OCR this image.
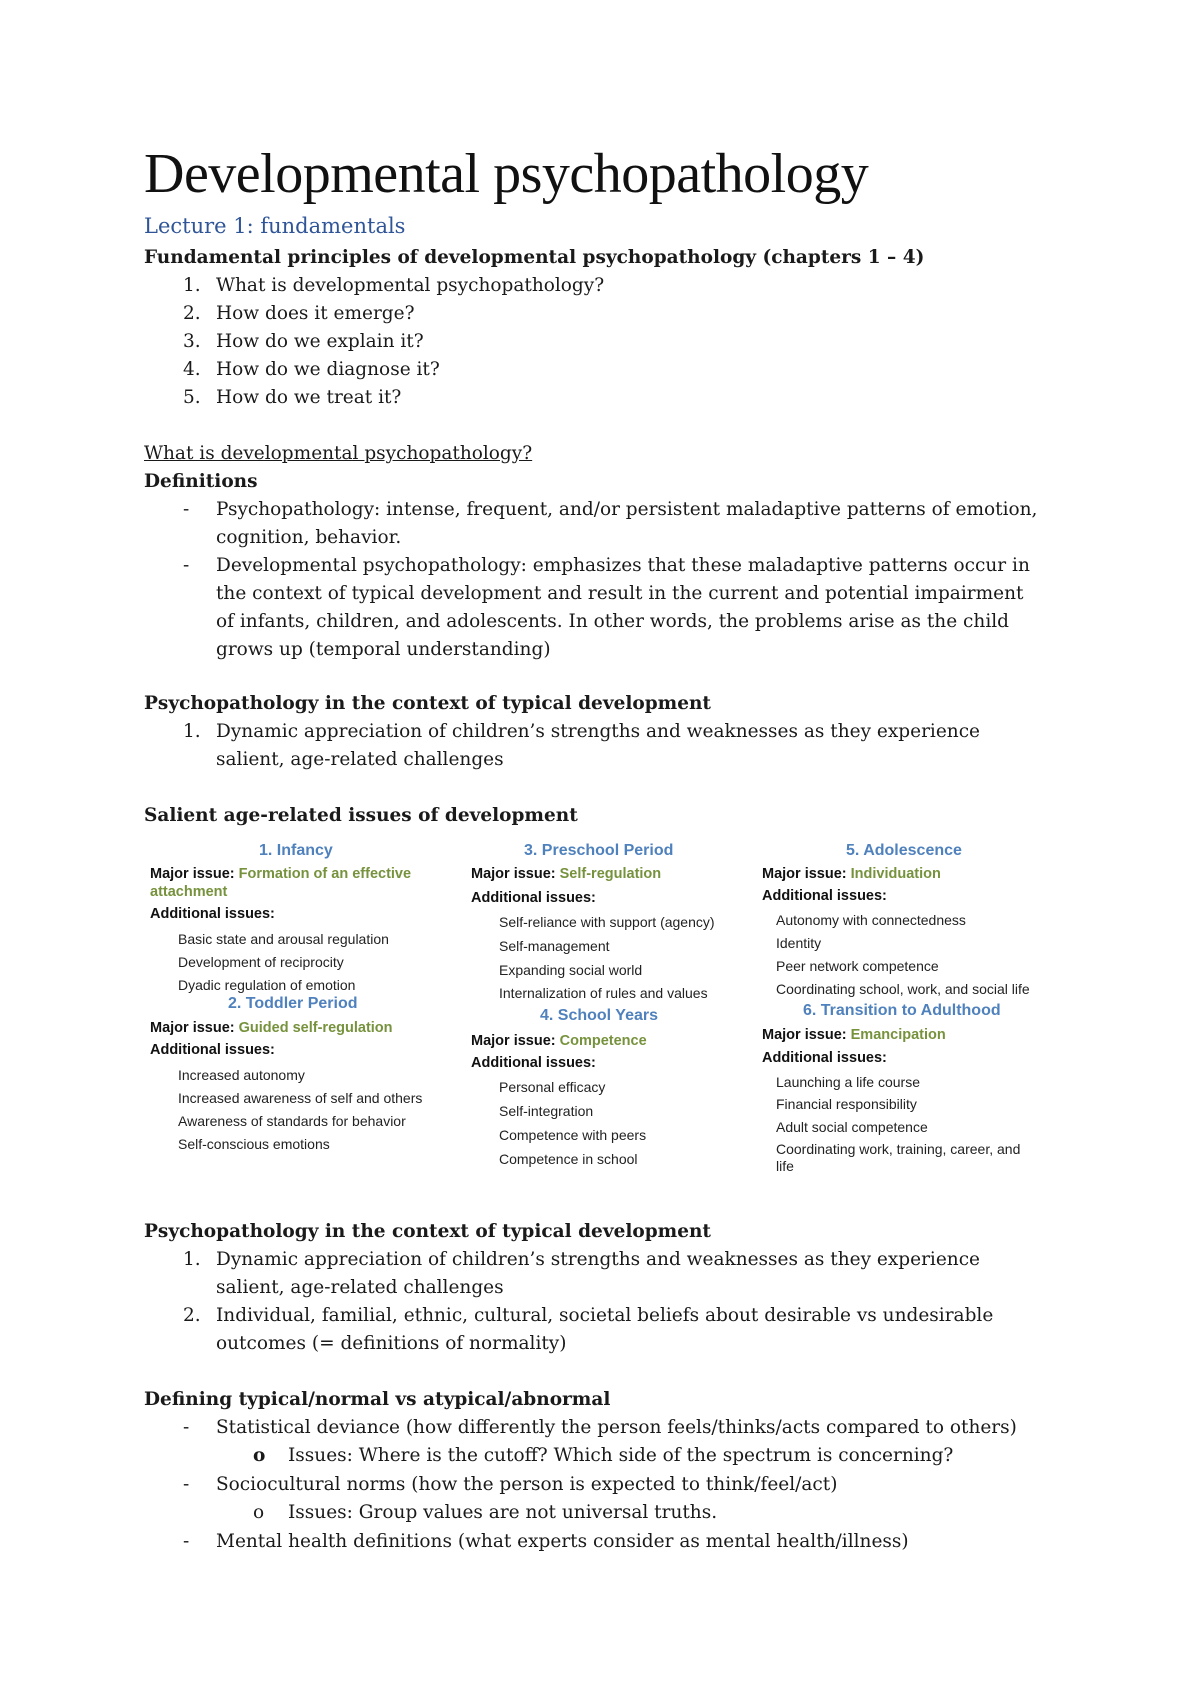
Developmental psychopathology
Lecture 1: fundamentals
Fundamental principles of developmental psychopathology (chapters 1 – 4)
1. What is developmental psychopathology?
2. How does it emerge?
3. How do we explain it?
4. How do we diagnose it?
5. How do we treat it?
What is developmental psychopathology?
Definitions
- Psychopathology: intense, frequent, and/or persistent maladaptive patterns of emotion,
cognition, behavior.
- Developmental psychopathology: emphasizes that these maladaptive patterns occur in
the context of typical development and result in the current and potential impairment
of infants, children, and adolescents. In other words, the problems arise as the child
grows up (temporal understanding)
Psychopathology in the context of typical development
1. Dynamic appreciation of children’s strengths and weaknesses as they experience
salient, age-related challenges
Salient age-related issues of development
1. Infancy
Major issue: Formation of an effective
attachment
Additional issues:
Basic state and arousal regulation
Development of reciprocity
Dyadic regulation of emotion
2. Toddler Period
Major issue: Guided self-regulation
Additional issues:
Increased autonomy
Increased awareness of self and others
Awareness of standards for behavior
Self-conscious emotions
3. Preschool Period
Major issue: Self-regulation
Additional issues:
Self-reliance with support (agency)
Self-management
Expanding social world
Internalization of rules and values
4. School Years
Major issue: Competence
Additional issues:
Personal efficacy
Self-integration
Competence with peers
Competence in school
5. Adolescence
Major issue: Individuation
Additional issues:
Autonomy with connectedness
Identity
Peer network competence
Coordinating school, work, and social life
6. Transition to Adulthood
Major issue: Emancipation
Additional issues:
Launching a life course
Financial responsibility
Adult social competence
Coordinating work, training, career, and
life
Psychopathology in the context of typical development
1. Dynamic appreciation of children’s strengths and weaknesses as they experience
salient, age-related challenges
2. Individual, familial, ethnic, cultural, societal beliefs about desirable vs undesirable
outcomes (= definitions of normality)
Defining typical/normal vs atypical/abnormal
- Statistical deviance (how differently the person feels/thinks/acts compared to others)
o Issues: Where is the cutoff? Which side of the spectrum is concerning?
- Sociocultural norms (how the person is expected to think/feel/act)
o Issues: Group values are not universal truths.
- Mental health definitions (what experts consider as mental health/illness)
